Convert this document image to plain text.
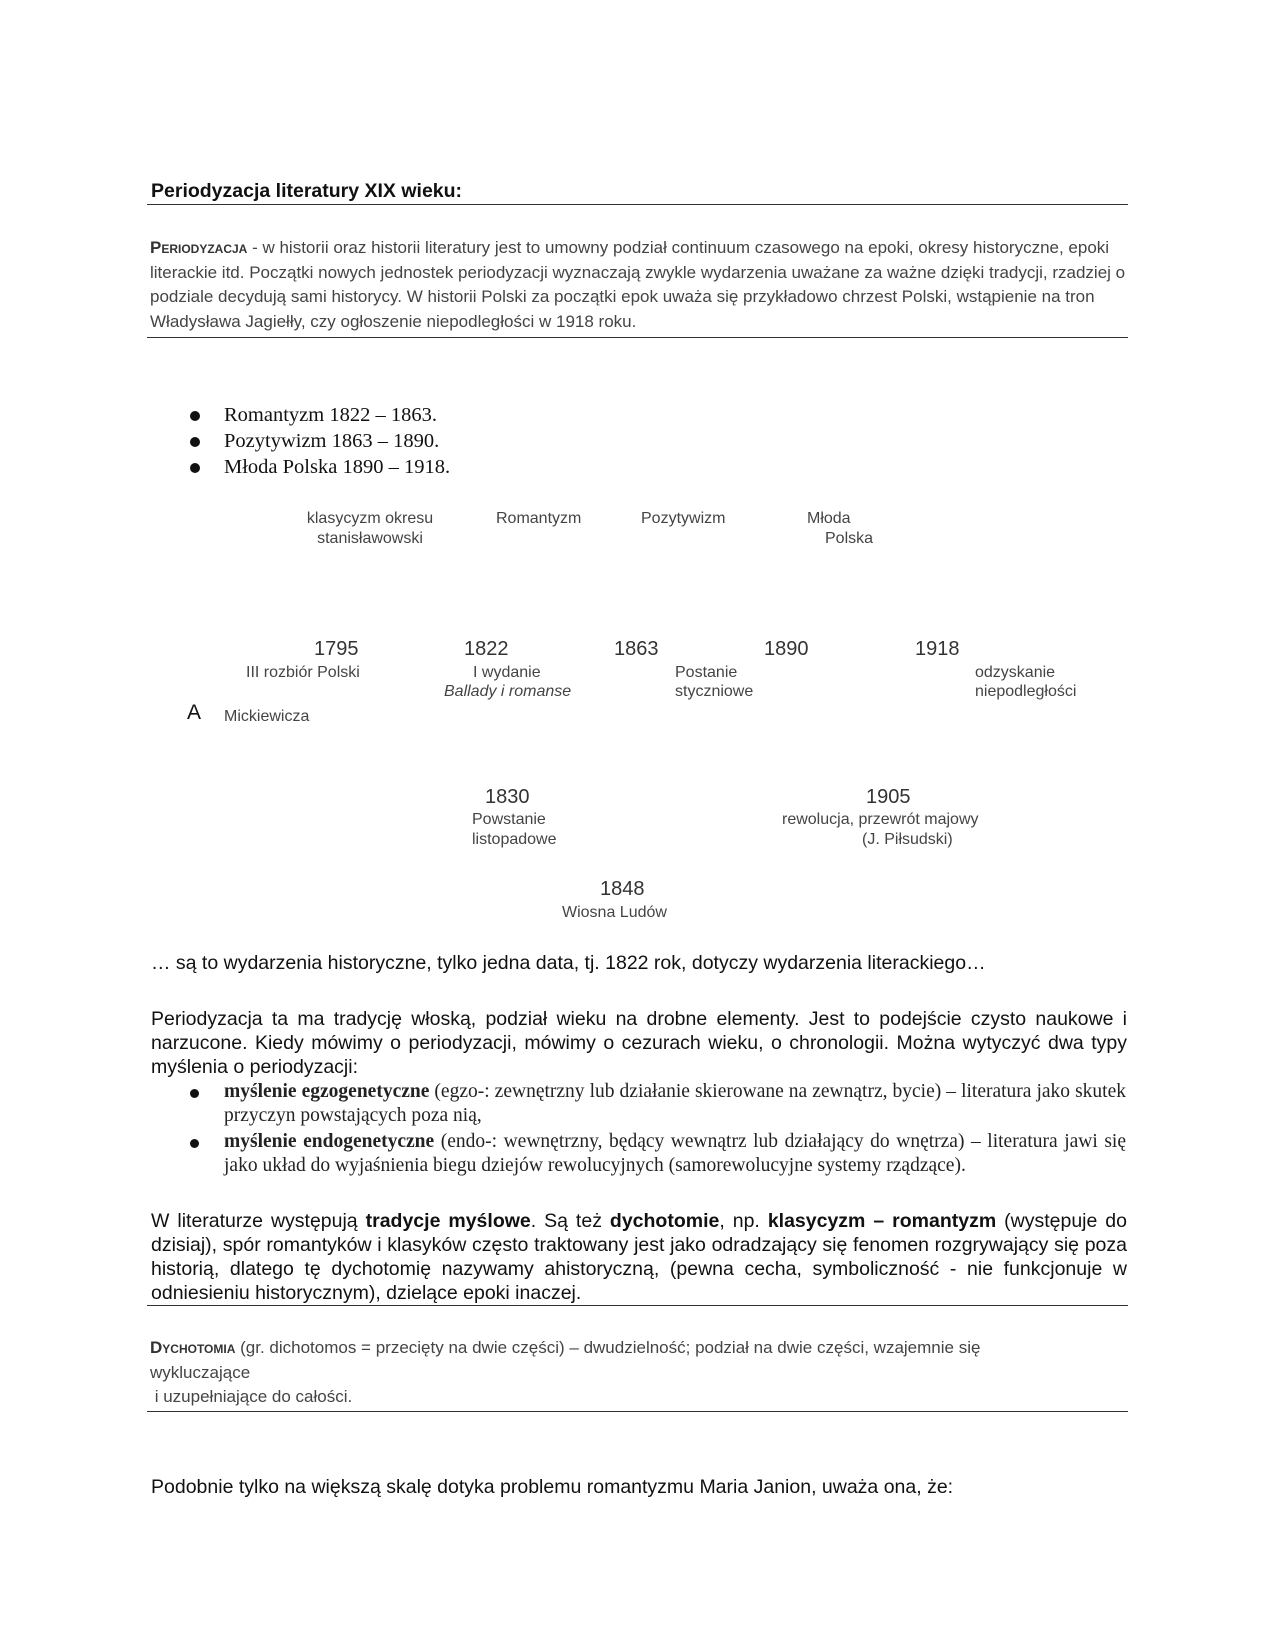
Periodyzacja literatury XIX wieku:
Periodyzacja - w historii oraz historii literatury jest to umowny podział continuum czasowego na epoki, okresy historyczne, epoki literackie itd. Początki nowych jednostek periodyzacji wyznaczają zwykle wydarzenia uważane za ważne dzięki tradycji, rzadziej o podziale decydują sami historycy. W historii Polski za początki epok uważa się przykładowo chrzest Polski, wstąpienie na tron Władysława Jagiełły, czy ogłoszenie niepodległości w 1918 roku.
Romantyzm 1822 – 1863.
Pozytywizm 1863 – 1890.
Młoda Polska 1890 – 1918.
klasycyzm okresu
stanisławowski
Romantyzm	Pozytywizm	Młoda
Polska
1795
III rozbiór Polski
1822
I wydanie
Ballady i romanse
1863
Postanie
styczniowe
1890	1918
odzyskanie
niepodległości
A Mickiewicza
1830
Powstanie
listopadowe
1905
rewolucja, przewrót majowy
(J. Piłsudski)
1848
Wiosna Ludów
… są to wydarzenia historyczne, tylko jedna data, tj. 1822 rok, dotyczy wydarzenia literackiego…
Periodyzacja ta ma tradycję włoską, podział wieku na drobne elementy. Jest to podejście czysto naukowe i narzucone. Kiedy mówimy o periodyzacji, mówimy o cezurach wieku, o chronologii. Można wytyczyć dwa typy myślenia o periodyzacji:
myślenie egzogenetyczne (egzo-: zewnętrzny lub działanie skierowane na zewnątrz, bycie) – literatura jako skutek przyczyn powstających poza nią,
myślenie endogenetyczne (endo-: wewnętrzny, będący wewnątrz lub działający do wnętrza) – literatura jawi się jako układ do wyjaśnienia biegu dziejów rewolucyjnych (samorewolucyjne systemy rządzące).
W literaturze występują tradycje myślowe. Są też dychotomie, np. klasycyzm – romantyzm (występuje do dzisiaj), spór romantyków i klasyków często traktowany jest jako odradzający się fenomen rozgrywający się poza historią, dlatego tę dychotomię nazywamy ahistoryczną, (pewna cecha, symboliczność - nie funkcjonuje w odniesieniu historycznym), dzielące epoki inaczej.
Dychotomia (gr. dichotomos = przecięty na dwie części) – dwudzielność; podział na dwie części, wzajemnie się
wykluczające
i uzupełniające do całości.
Podobnie tylko na większą skalę dotyka problemu romantyzmu Maria Janion, uważa ona, że:
